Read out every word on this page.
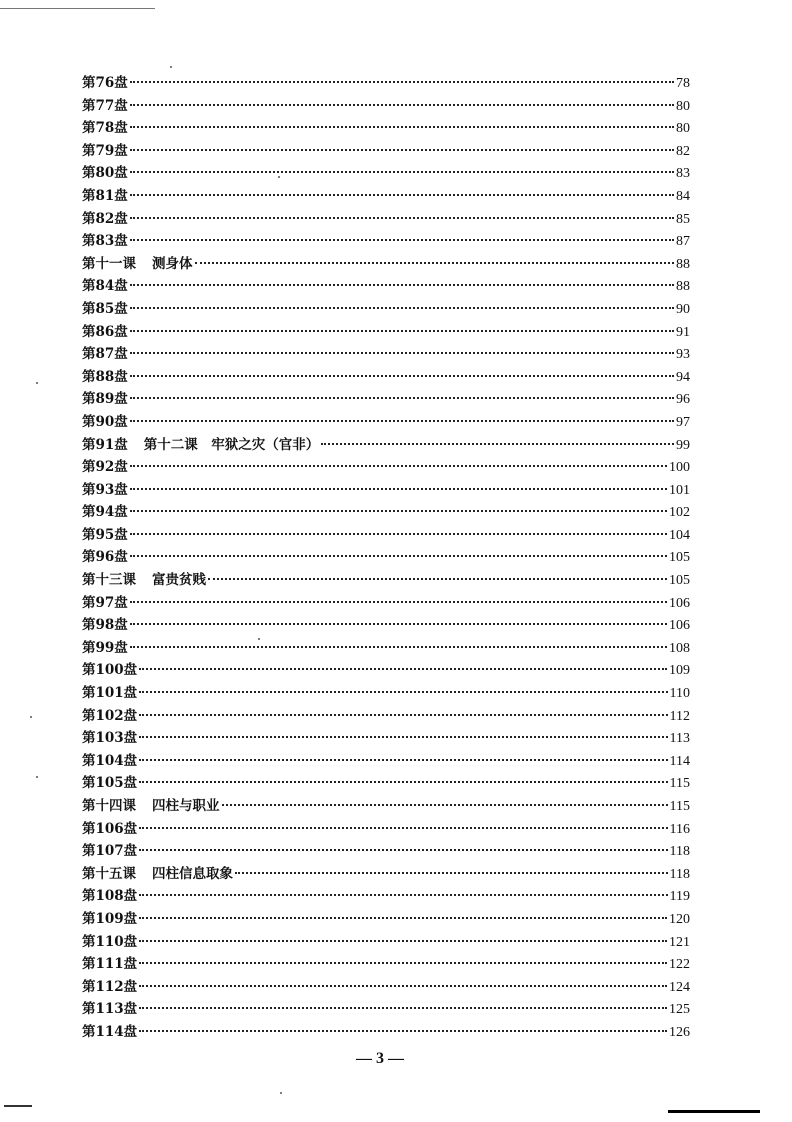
第76盘	78
第77盘	80
第78盘	80
第79盘	82
第80盘	83
第81盘	84
第82盘	85
第83盘	87
第十一课 测身体	88
第84盘	88
第85盘	90
第86盘	91
第87盘	93
第88盘	94
第89盘	96
第90盘	97
第91盘 第十二课　牢狱之灾（官非）	99
第92盘	100
第93盘	101
第94盘	102
第95盘	104
第96盘	105
第十三课 富贵贫贱	105
第97盘	106
第98盘	106
第99盘	108
第100盘	109
第101盘	110
第102盘	112
第103盘	113
第104盘	114
第105盘	115
第十四课 四柱与职业	115
第106盘	116
第107盘	118
第十五课 四柱信息取象	118
第108盘	119
第109盘	120
第110盘	121
第111盘	122
第112盘	124
第113盘	125
第114盘	126
— 3 —
